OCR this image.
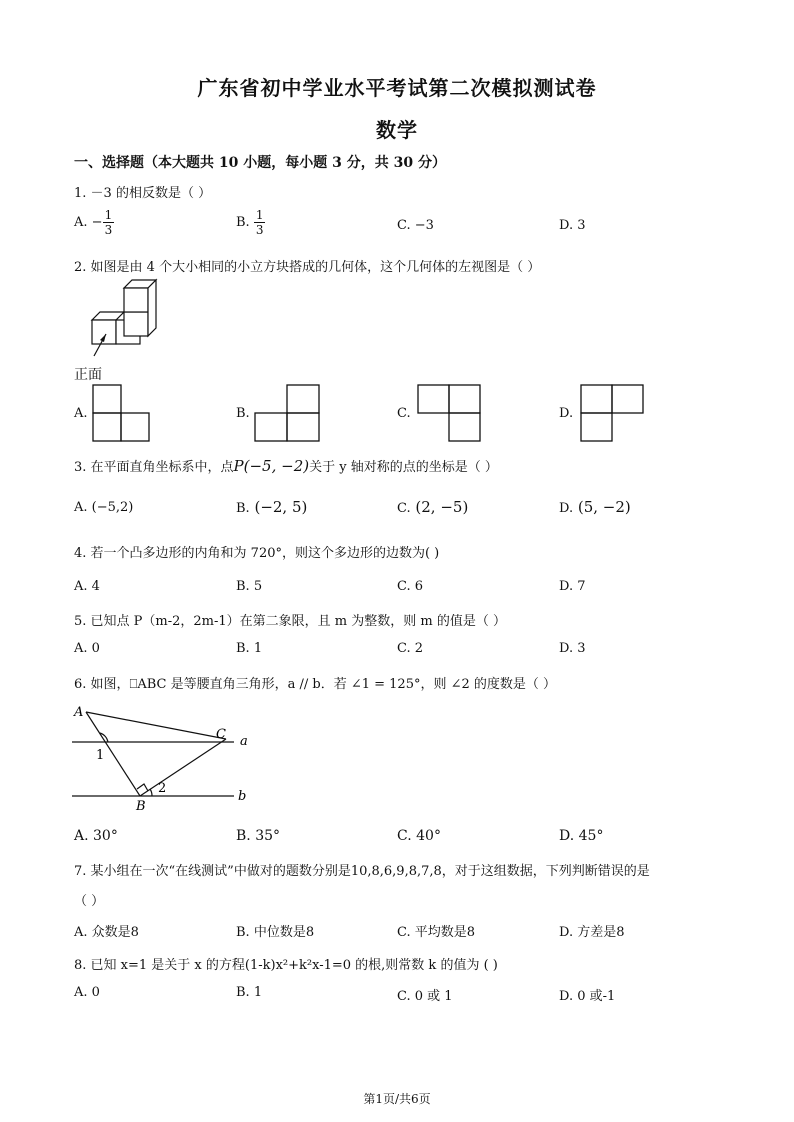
广东省初中学业水平考试第二次模拟测试卷
数学
一、选择题（本大题共 10 小题，每小题 3 分，共 30 分）
1. －3 的相反数是（ ）
A. − $\frac{1}{3}$	B. $\frac{1}{3}$	C. −3	D. 3
2. 如图是由 4 个大小相同的小立方块搭成的几何体，这个几何体的左视图是（ ）
正面
A.	B.	C.	D.
3. 在平面直角坐标系中，点P(−5, −2)关于 y 轴对称的点的坐标是（ ）
A. (−5,2)	B. (−2, 5)	C. (2, −5)	D. (5, −2)
4. 若一个凸多边形的内角和为 720°，则这个多边形的边数为( )
A. 4	B. 5	C. 6	D. 7
5. 已知点 P（m-2，2m-1）在第二象限，且 m 为整数，则 m 的值是（ ）
A. 0	B. 1	C. 2	D. 3
6. 如图，⎕ABC 是等腰直角三角形，a // b．若 ∠1 = 125°，则 ∠2 的度数是（ ）
A
C
B
a
b
1
2
A. 30°	B. 35°	C. 40°	D. 45°
7. 某小组在一次“在线测试”中做对的题数分别是10,8,6,9,8,7,8，对于这组数据，下列判断错误的是
（ ）
A. 众数是8	B. 中位数是8	C. 平均数是8	D. 方差是8
8. 已知 x=1 是关于 x 的方程(1-k)x²+k²x-1=0 的根,则常数 k 的值为 ( )
A. 0	B. 1	C. 0 或 1	D. 0 或-1
第1页/共6页
